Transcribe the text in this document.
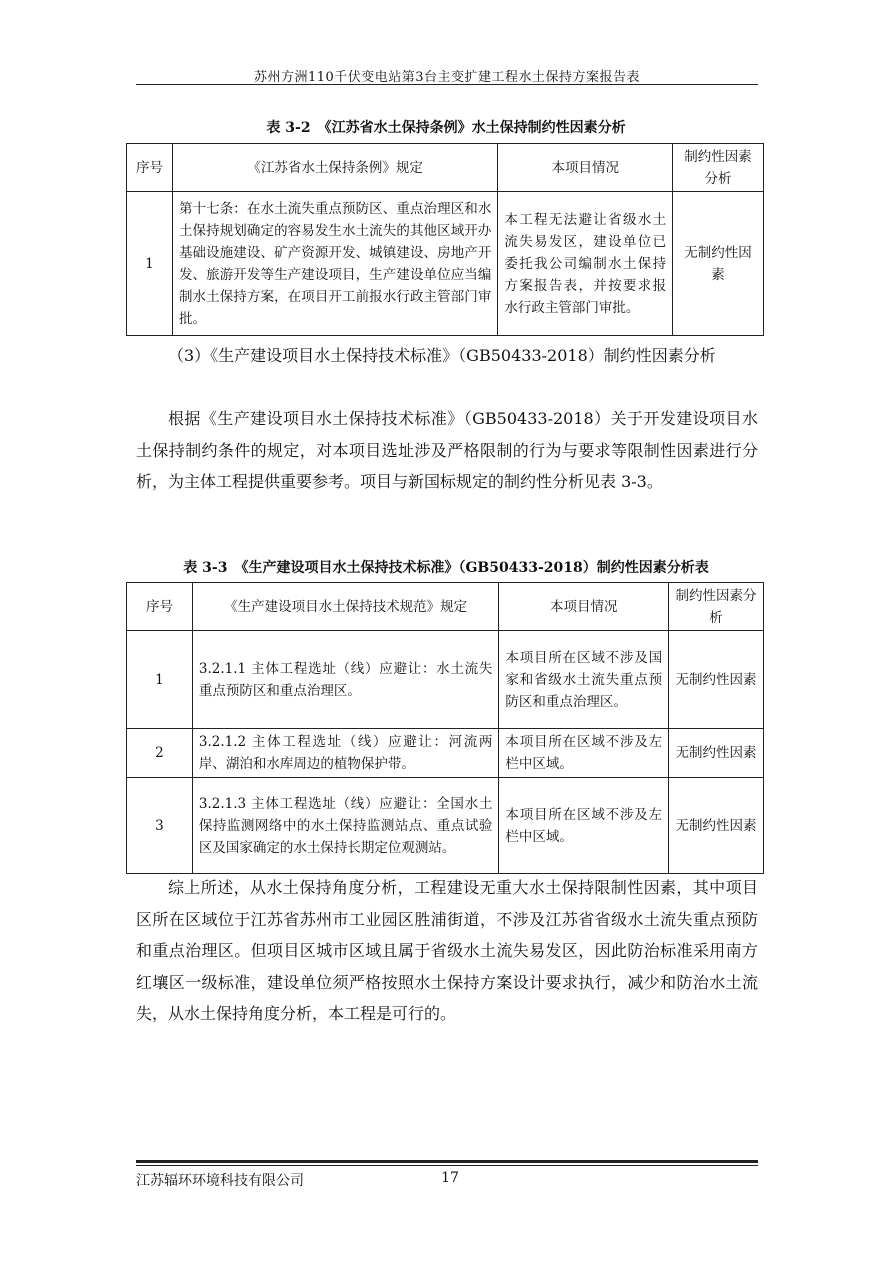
苏州方洲110千伏变电站第3台主变扩建工程水土保持方案报告表
表 3-2　《江苏省水土保持条例》水土保持制约性因素分析
序号	《江苏省水土保持条例》规定	本项目情况	制约性因素分析
1	第十七条：在水土流失重点预防区、重点治理区和水土保持规划确定的容易发生水土流失的其他区域开办基础设施建设、矿产资源开发、城镇建设、房地产开发、旅游开发等生产建设项目，生产建设单位应当编制水土保持方案，在项目开工前报水行政主管部门审批。	本工程无法避让省级水土流失易发区，建设单位已委托我公司编制水土保持方案报告表，并按要求报水行政主管部门审批。	无制约性因素
（3）《生产建设项目水土保持技术标准》（GB50433-2018）制约性因素分析
根据《生产建设项目水土保持技术标准》（GB50433-2018）关于开发建设项目水土保持制约条件的规定，对本项目选址涉及严格限制的行为与要求等限制性因素进行分析，为主体工程提供重要参考。项目与新国标规定的制约性分析见表 3-3。
表 3-3　《生产建设项目水土保持技术标准》（GB50433-2018）制约性因素分析表
序号	《生产建设项目水土保持技术规范》规定	本项目情况	制约性因素分析
1	3.2.1.1 主体工程选址（线）应避让：水土流失重点预防区和重点治理区。	本项目所在区域不涉及国家和省级水土流失重点预防区和重点治理区。	无制约性因素
2	3.2.1.2 主体工程选址（线）应避让：河流两岸、湖泊和水库周边的植物保护带。	本项目所在区域不涉及左栏中区域。	无制约性因素
3	3.2.1.3 主体工程选址（线）应避让：全国水土保持监测网络中的水土保持监测站点、重点试验区及国家确定的水土保持长期定位观测站。	本项目所在区域不涉及左栏中区域。	无制约性因素
综上所述，从水土保持角度分析，工程建设无重大水土保持限制性因素，其中项目区所在区域位于江苏省苏州市工业园区胜浦街道，不涉及江苏省省级水土流失重点预防和重点治理区。但项目区城市区域且属于省级水土流失易发区，因此防治标准采用南方红壤区一级标准，建设单位须严格按照水土保持方案设计要求执行，减少和防治水土流失，从水土保持角度分析，本工程是可行的。
江苏辐环环境科技有限公司	17
